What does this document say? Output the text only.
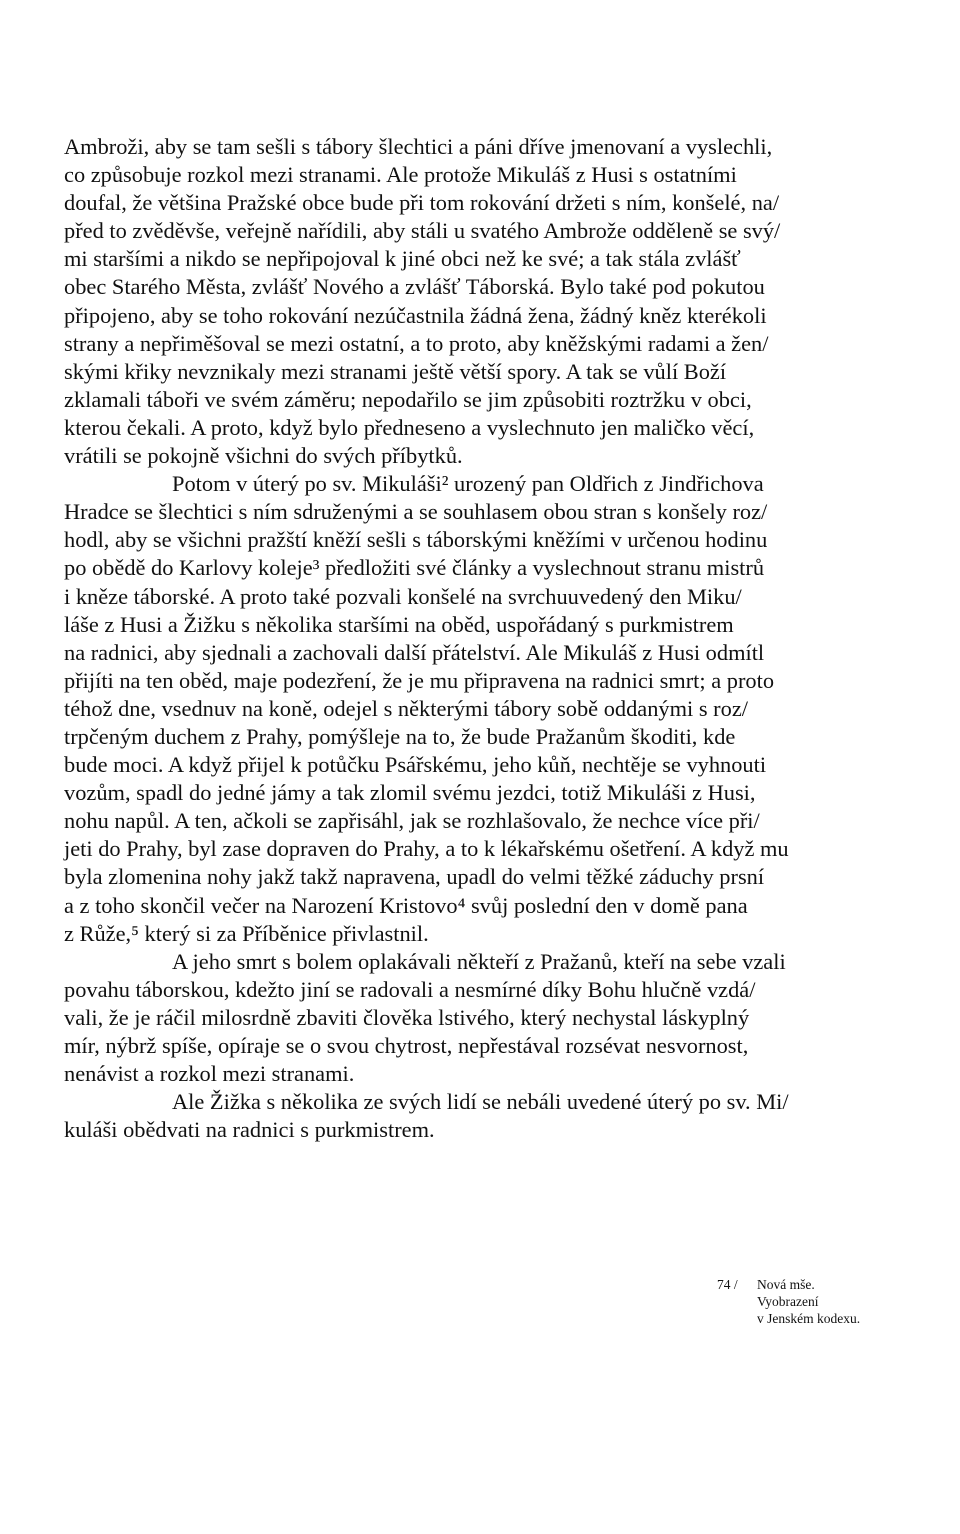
Ambroži, aby se tam sešli s tábory šlechtici a páni dříve jmenovaní a vyslechli,
co způsobuje rozkol mezi stranami. Ale protože Mikuláš z Husi s ostatními
doufal, že většina Pražské obce bude při tom rokování držeti s ním, konšelé, na/
před to zvěděvše, veřejně nařídili, aby stáli u svatého Ambrože odděleně se svý/
mi staršími a nikdo se nepřipojoval k jiné obci než ke své; a tak stála zvlášť
obec Starého Města, zvlášť Nového a zvlášť Táborská. Bylo také pod pokutou
připojeno, aby se toho rokování nezúčastnila žádná žena, žádný kněz kterékoli
strany a nepřiměšoval se mezi ostatní, a to proto, aby kněžskými radami a žen/
skými křiky nevznikaly mezi stranami ještě větší spory. A tak se vůlí Boží
zklamali táboři ve svém záměru; nepodařilo se jim způsobiti roztržku v obci,
kterou čekali. A proto, když bylo předneseno a vyslechnuto jen maličko věcí,
vrátili se pokojně všichni do svých příbytků.
Potom v úterý po sv. Mikuláši² urozený pan Oldřich z Jindřichova
Hradce se šlechtici s ním sdruženými a se souhlasem obou stran s konšely roz/
hodl, aby se všichni pražští kněží sešli s táborskými kněžími v určenou hodinu
po obědě do Karlovy koleje³ předložiti své články a vyslechnout stranu mistrů
i kněze táborské. A proto také pozvali konšelé na svrchuuvedený den Miku/
láše z Husi a Žižku s několika staršími na oběd, uspořádaný s purkmistrem
na radnici, aby sjednali a zachovali další přátelství. Ale Mikuláš z Husi odmítl
přijíti na ten oběd, maje podezření, že je mu připravena na radnici smrt; a proto
téhož dne, vsednuv na koně, odejel s některými tábory sobě oddanými s roz/
trpčeným duchem z Prahy, pomýšleje na to, že bude Pražanům škoditi, kde
bude moci. A když přijel k potůčku Psářskému, jeho kůň, nechtěje se vyhnouti
vozům, spadl do jedné jámy a tak zlomil svému jezdci, totiž Mikuláši z Husi,
nohu napůl. A ten, ačkoli se zapřisáhl, jak se rozhlašovalo, že nechce více při/
jeti do Prahy, byl zase dopraven do Prahy, a to k lékařskému ošetření. A když mu
byla zlomenina nohy jakž takž napravena, upadl do velmi těžké záduchy prsní
a z toho skončil večer na Narození Kristovo⁴ svůj poslední den v domě pana
z Růže,⁵ který si za Příběnice přivlastnil.
A jeho smrt s bolem oplakávali někteří z Pražanů, kteří na sebe vzali
povahu táborskou, kdežto jiní se radovali a nesmírné díky Bohu hlučně vzdá/
vali, že je ráčil milosrdně zbaviti člověka lstivého, který nechystal láskyplný
mír, nýbrž spíše, opíraje se o svou chytrost, nepřestával rozsévat nesvornost,
nenávist a rozkol mezi stranami.
Ale Žižka s několika ze svých lidí se nebáli uvedené úterý po sv. Mi/
kuláši obědvati na radnici s purkmistrem.
74 / Nová mše.
Vyobrazení
v Jenském kodexu.
